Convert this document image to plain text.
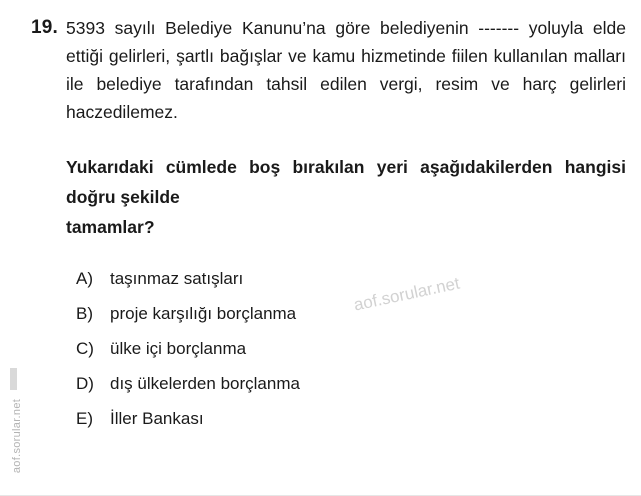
aof.sorular.net
19. 5393 sayılı Belediye Kanunu’na göre belediyenin ------- yoluyla elde ettiği gelirleri, şartlı bağışlar ve kamu hizmetinde fiilen kullanılan malları ile belediye tarafından tahsil edilen vergi, resim ve harç gelirleri haczedilemez.
Yukarıdaki cümlede boş bırakılan yeri aşağıdakilerden hangisi doğru şekilde
tamamlar?
A)	taşınmaz satışları
B)	proje karşılığı borçlanma
C) ülke içi borçlanma
D) dış ülkelerden borçlanma
E)	İller Bankası
aof.sorular.net
